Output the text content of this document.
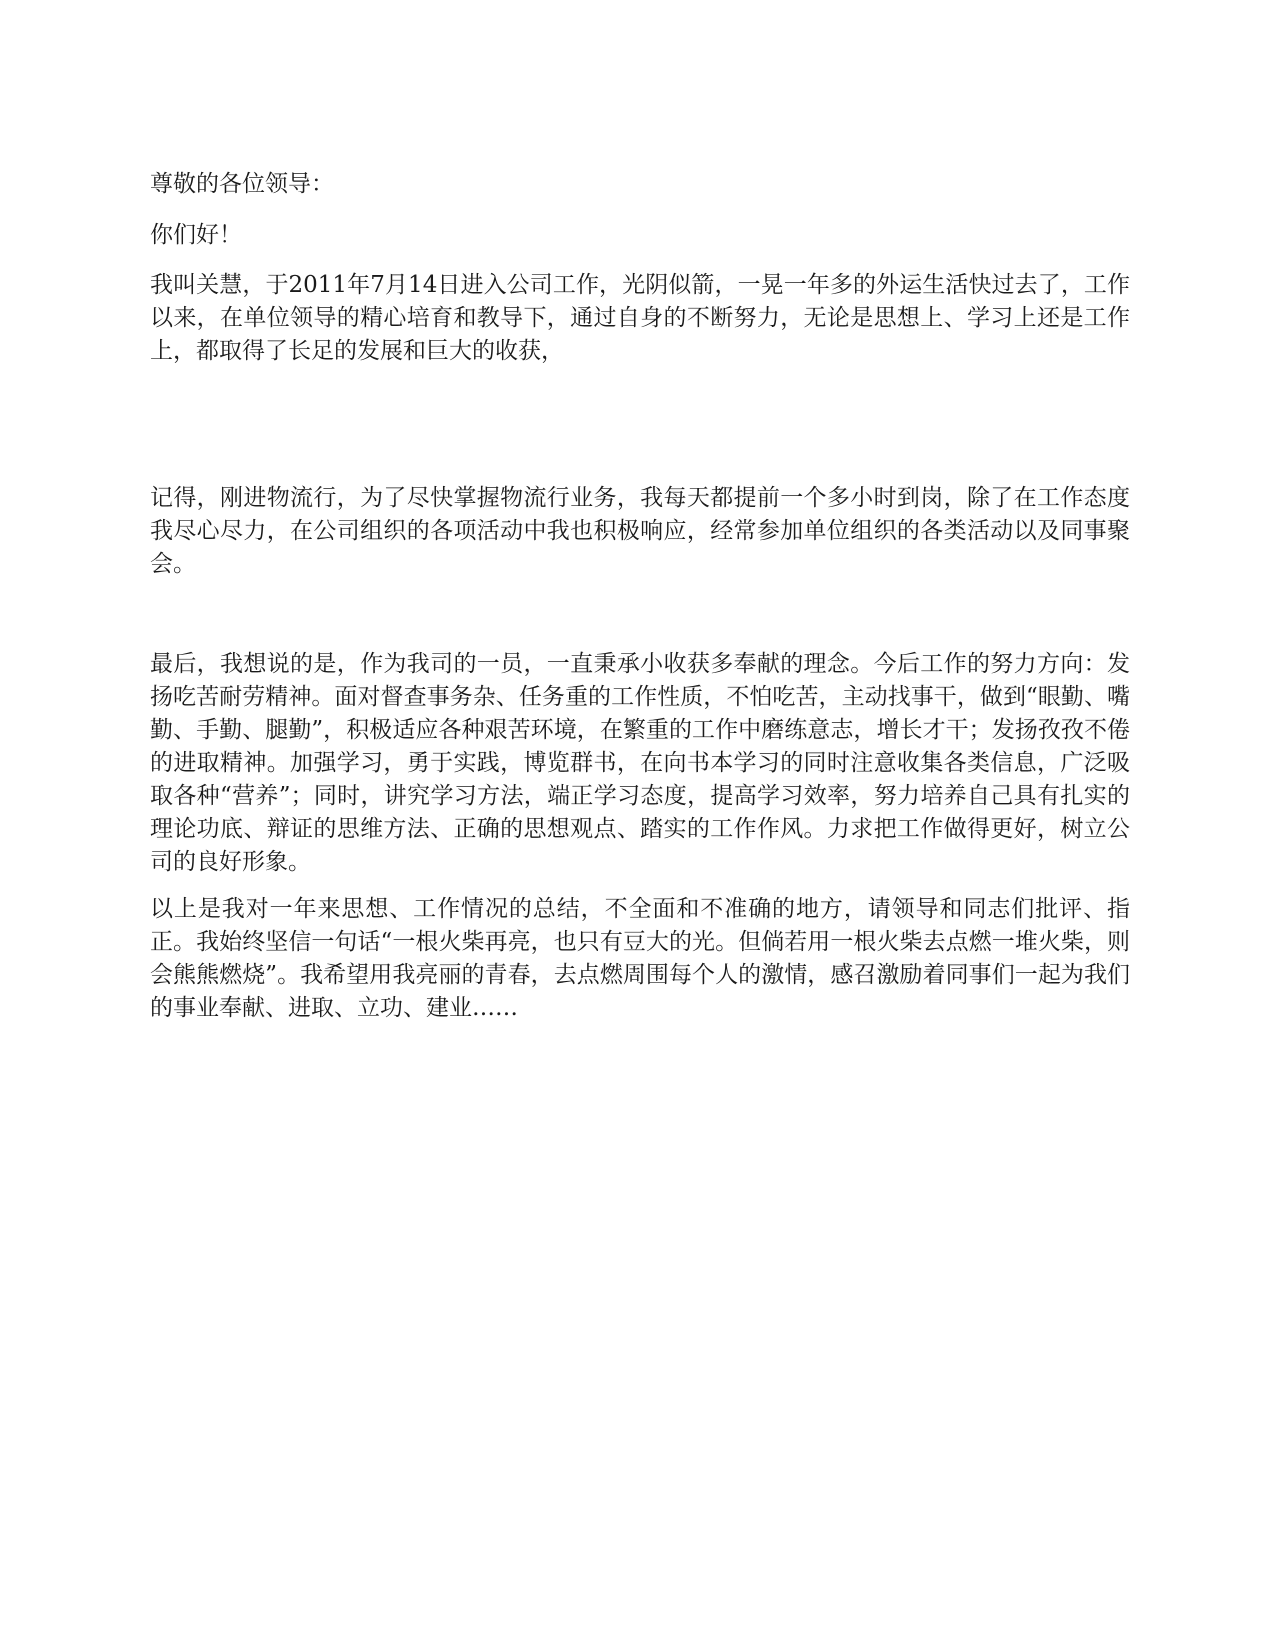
尊敬的各位领导：

你们好！

我叫关慧，于2011年7月14日进入公司工作，光阴似箭，一晃一年多的外运生活快过去了，工作以来，在单位领导的精心培育和教导下，通过自身的不断努力，无论是思想上、学习上还是工作上，都取得了长足的发展和巨大的收获，

记得，刚进物流行，为了尽快掌握物流行业务，我每天都提前一个多小时到岗，除了在工作态度我尽心尽力，在公司组织的各项活动中我也积极响应，经常参加单位组织的各类活动以及同事聚会。

最后，我想说的是，作为我司的一员，一直秉承小收获多奉献的理念。今后工作的努力方向：发扬吃苦耐劳精神。面对督查事务杂、任务重的工作性质，不怕吃苦，主动找事干，做到“眼勤、嘴勤、手勤、腿勤”，积极适应各种艰苦环境，在繁重的工作中磨练意志，增长才干；发扬孜孜不倦的进取精神。加强学习，勇于实践，博览群书，在向书本学习的同时注意收集各类信息，广泛吸取各种“营养”；同时，讲究学习方法，端正学习态度，提高学习效率，努力培养自己具有扎实的理论功底、辩证的思维方法、正确的思想观点、踏实的工作作风。力求把工作做得更好，树立公司的良好形象。

以上是我对一年来思想、工作情况的总结，不全面和不准确的地方，请领导和同志们批评、指正。我始终坚信一句话“一根火柴再亮，也只有豆大的光。但倘若用一根火柴去点燃一堆火柴，则会熊熊燃烧”。我希望用我亮丽的青春，去点燃周围每个人的激情，感召激励着同事们一起为我们的事业奉献、进取、立功、建业……
